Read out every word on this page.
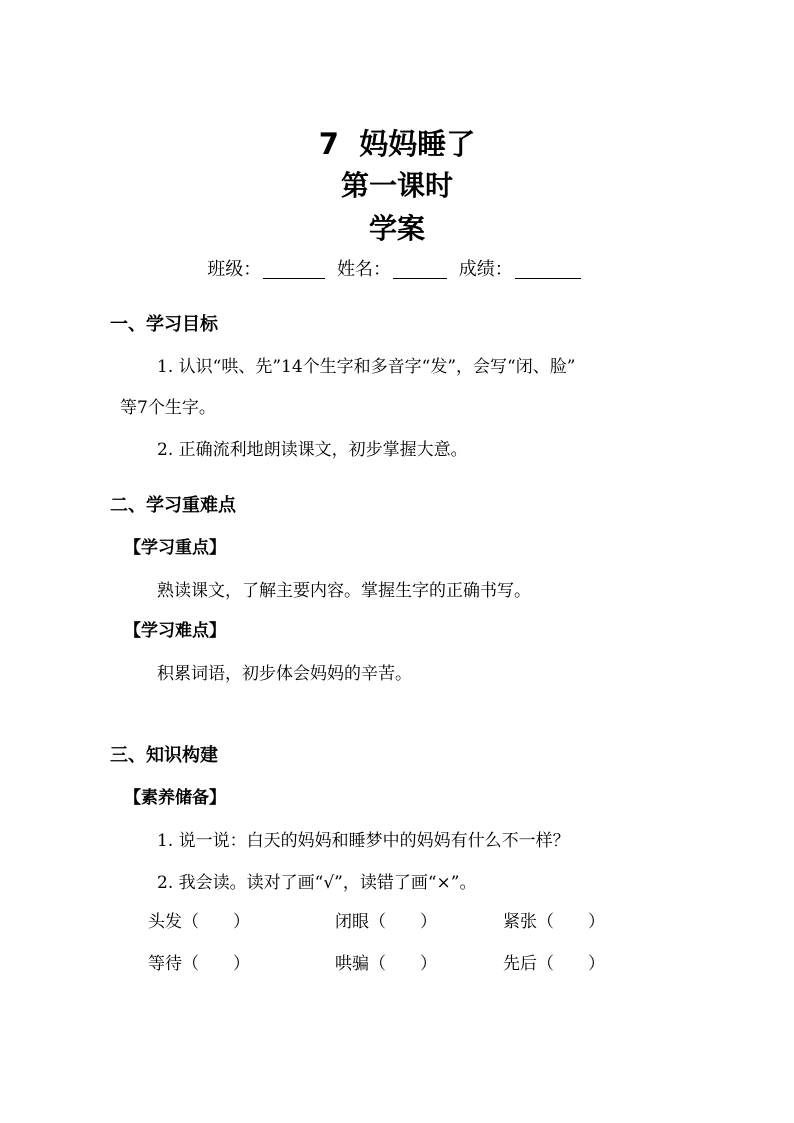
7 妈妈睡了
第一课时
学案
班级：	姓名：	成绩：
一、学习目标
1. 认识“哄、先”14个生字和多音字“发”，会写“闭、脸”
等7个生字。
2. 正确流利地朗读课文，初步掌握大意。
二、学习重难点
【学习重点】
熟读课文，了解主要内容。掌握生字的正确书写。
【学习难点】
积累词语，初步体会妈妈的辛苦。
三、知识构建
【素养储备】
1. 说一说：白天的妈妈和睡梦中的妈妈有什么不一样？
2. 我会读。读对了画“√”，读错了画“×”。
头发（　　）	闭眼（　　）	紧张（　　）
等待（　　）	哄骗（　　）	先后（　　）
